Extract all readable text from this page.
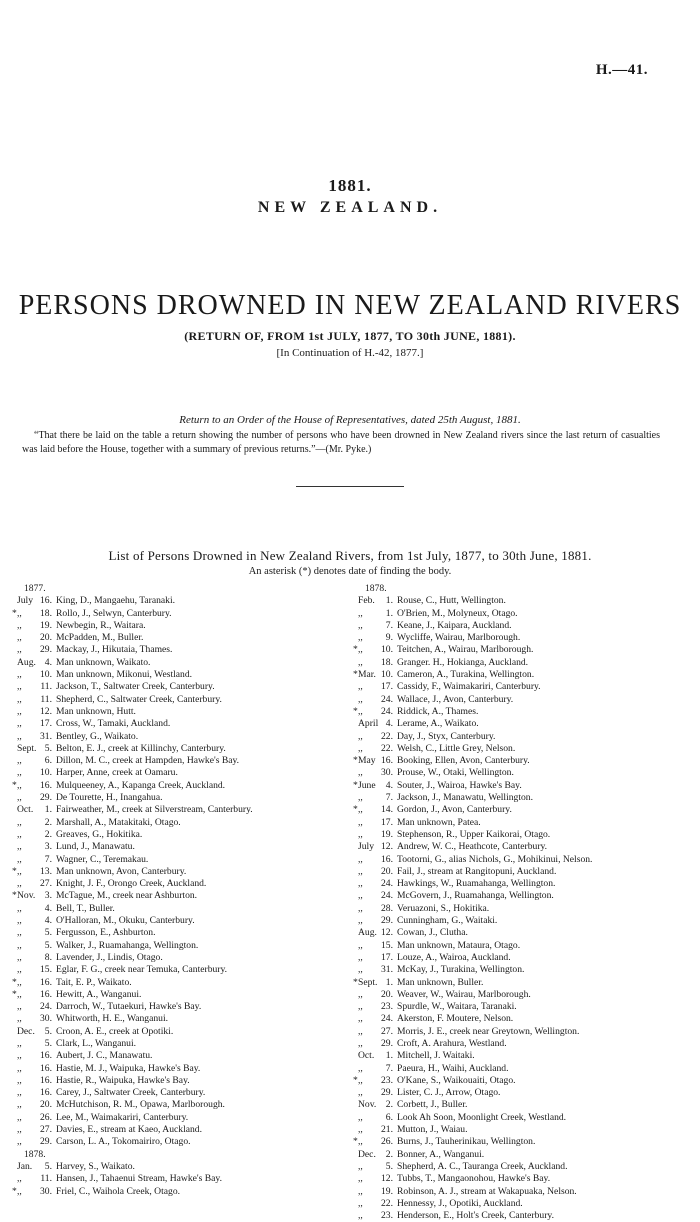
H.—41.
1881.
NEW ZEALAND.
PERSONS DROWNED IN NEW ZEALAND RIVERS
(RETURN OF, FROM 1st JULY, 1877, TO 30th JUNE, 1881).
[In Continuation of H.-42, 1877.]
Return to an Order of the House of Representatives, dated 25th August, 1881.
“That there be laid on the table a return showing the number of persons who have been drowned in New Zealand rivers since the last return of casualties was laid before the House, together with a summary of previous returns.”—(Mr. Pyke.)
List of Persons Drowned in New Zealand Rivers, from 1st July, 1877, to 30th June, 1881.
An asterisk (*) denotes date of finding the body.
1877.
July 16. King, D., Mangaehu, Taranaki.
* ,,	18. Rollo, J., Selwyn, Canterbury.
,,	19. Newbegin, R., Waitara.
,,	20. McPadden, M., Buller.
,,	29. Mackay, J., Hikutaia, Thames.
Aug. 4. Man unknown, Waikato.
,,	10. Man unknown, Mikonui, Westland.
,,	11. Jackson, T., Saltwater Creek, Canterbury.
,,	11. Shepherd, C., Saltwater Creek, Canterbury.
,,	12. Man unknown, Hutt.
,,	17. Cross, W., Tamaki, Auckland.
,,	31. Bentley, G., Waikato.
Sept. 5. Belton, E. J., creek at Killinchy, Canterbury.
,,	6. Dillon, M. C., creek at Hampden, Hawke's Bay.
,,	10. Harper, Anne, creek at Oamaru.
* ,,	16. Mulqueeney, A., Kapanga Creek, Auckland.
,,	29. De Tourette, H., Inangahua.
Oct.	1. Fairweather, M., creek at Silverstream, Canterbury.
,,	2. Marshall, A., Matakitaki, Otago.
,,	2. Greaves, G., Hokitika.
,,	3. Lund, J., Manawatu.
,,	7. Wagner, C., Teremakau.
* ,,	13. Man unknown, Avon, Canterbury.
,,	27. Knight, J. F., Orongo Creek, Auckland.
* Nov. 3. McTague, M., creek near Ashburton.
,,	4. Bell, T., Buller.
,,	4. O'Halloran, M., Okuku, Canterbury.
,,	5. Fergusson, E., Ashburton.
,,	5. Walker, J., Ruamahanga, Wellington.
,,	8. Lavender, J., Lindis, Otago.
,,	15. Eglar, F. G., creek near Temuka, Canterbury.
* ,,	16. Tait, E. P., Waikato.
* ,,	16. Hewitt, A., Wanganui.
,,	24. Darroch, W., Tutaekuri, Hawke's Bay.
,,	30. Whitworth, H. E., Wanganui.
Dec.	5. Croon, A. E., creek at Opotiki.
,,	5. Clark, L., Wanganui.
,,	16. Aubert, J. C., Manawatu.
,,	16. Hastie, M. J., Waipuka, Hawke's Bay.
,,	16. Hastie, R., Waipuka, Hawke's Bay.
,,	16. Carey, J., Saltwater Creek, Canterbury.
,,	20. McHutchison, R. M., Opawa, Marlborough.
,,	26. Lee, M., Waimakariri, Canterbury.
,,	27. Davies, E., stream at Kaeo, Auckland.
,,	29. Carson, L. A., Tokomairiro, Otago.
1878.
Jan.	5. Harvey, S., Waikato.
,,	11. Hansen, J., Tahaenui Stream, Hawke's Bay.
* ,,	30. Friel, C., Waihola Creek, Otago.
1878.
Feb.	1. Rouse, C., Hutt, Wellington.
,,	1. O'Brien, M., Molyneux, Otago.
,,	7. Keane, J., Kaipara, Auckland.
,,	9. Wycliffe, Wairau, Marlborough.
* ,,	10. Teitchen, A., Wairau, Marlborough.
,,	18. Granger. H., Hokianga, Auckland.
* Mar. 10. Cameron, A., Turakina, Wellington.
,,	17. Cassidy, F., Waimakariri, Canterbury.
,,	24. Wallace, J., Avon, Canterbury.
* ,,	24. Riddick, A., Thames.
April 4. Lerame, A., Waikato.
,,	22. Day, J., Styx, Canterbury.
,,	22. Welsh, C., Little Grey, Nelson.
* May 16. Booking, Ellen, Avon, Canterbury.
,,	30. Prouse, W., Otaki, Wellington.
* June	4. Souter, J., Wairoa, Hawke's Bay.
,,	7. Jackson, J., Manawatu, Wellington.
* ,,	14. Gordon, J., Avon, Canterbury.
,,	17. Man unknown, Patea.
,,	19. Stephenson, R., Upper Kaikorai, Otago.
July 12. Andrew, W. C., Heathcote, Canterbury.
,,	16. Tootorni, G., alias Nichols, G., Mohikinui, Nelson.
,,	20. Fail, J., stream at Rangitopuni, Auckland.
,,	24. Hawkings, W., Ruamahanga, Wellington.
,,	24. McGovern, J., Ruamahanga, Wellington.
,,	28. Veruazoni, S., Hokitika.
,,	29. Cunningham, G., Waitaki.
Aug. 12. Cowan, J., Clutha.
,,	15. Man unknown, Mataura, Otago.
,,	17. Louze, A., Wairoa, Auckland.
,,	31. McKay, J., Turakina, Wellington.
* Sept. 1. Man unknown, Buller.
,,	20. Weaver, W., Wairau, Marlborough.
,,	23. Spurdle, W., Waitara, Taranaki.
,,	24. Akerston, F. Moutere, Nelson.
,,	27. Morris, J. E., creek near Greytown, Wellington.
,,	29. Croft, A. Arahura, Westland.
Oct.	1. Mitchell, J. Waitaki.
,,	7. Paeura, H., Waihi, Auckland.
* ,,	23. O'Kane, S., Waikouaiti, Otago.
,,	29. Lister, C. J., Arrow, Otago.
Nov. 2. Corbett, J., Buller.
,,	6. Look Ah Soon, Moonlight Creek, Westland.
,,	21. Mutton, J., Waiau.
* ,,	26. Burns, J., Tauherinikau, Wellington.
Dec.	2. Bonner, A., Wanganui.
,,	5. Shepherd, A. C., Tauranga Creek, Auckland.
,,	12. Tubbs, T., Mangaonohou, Hawke's Bay.
,,	19. Robinson, A. J., stream at Wakapuaka, Nelson.
,,	22. Hennessy, J., Opotiki, Auckland.
,,	23. Henderson, E., Holt's Creek, Canterbury.
